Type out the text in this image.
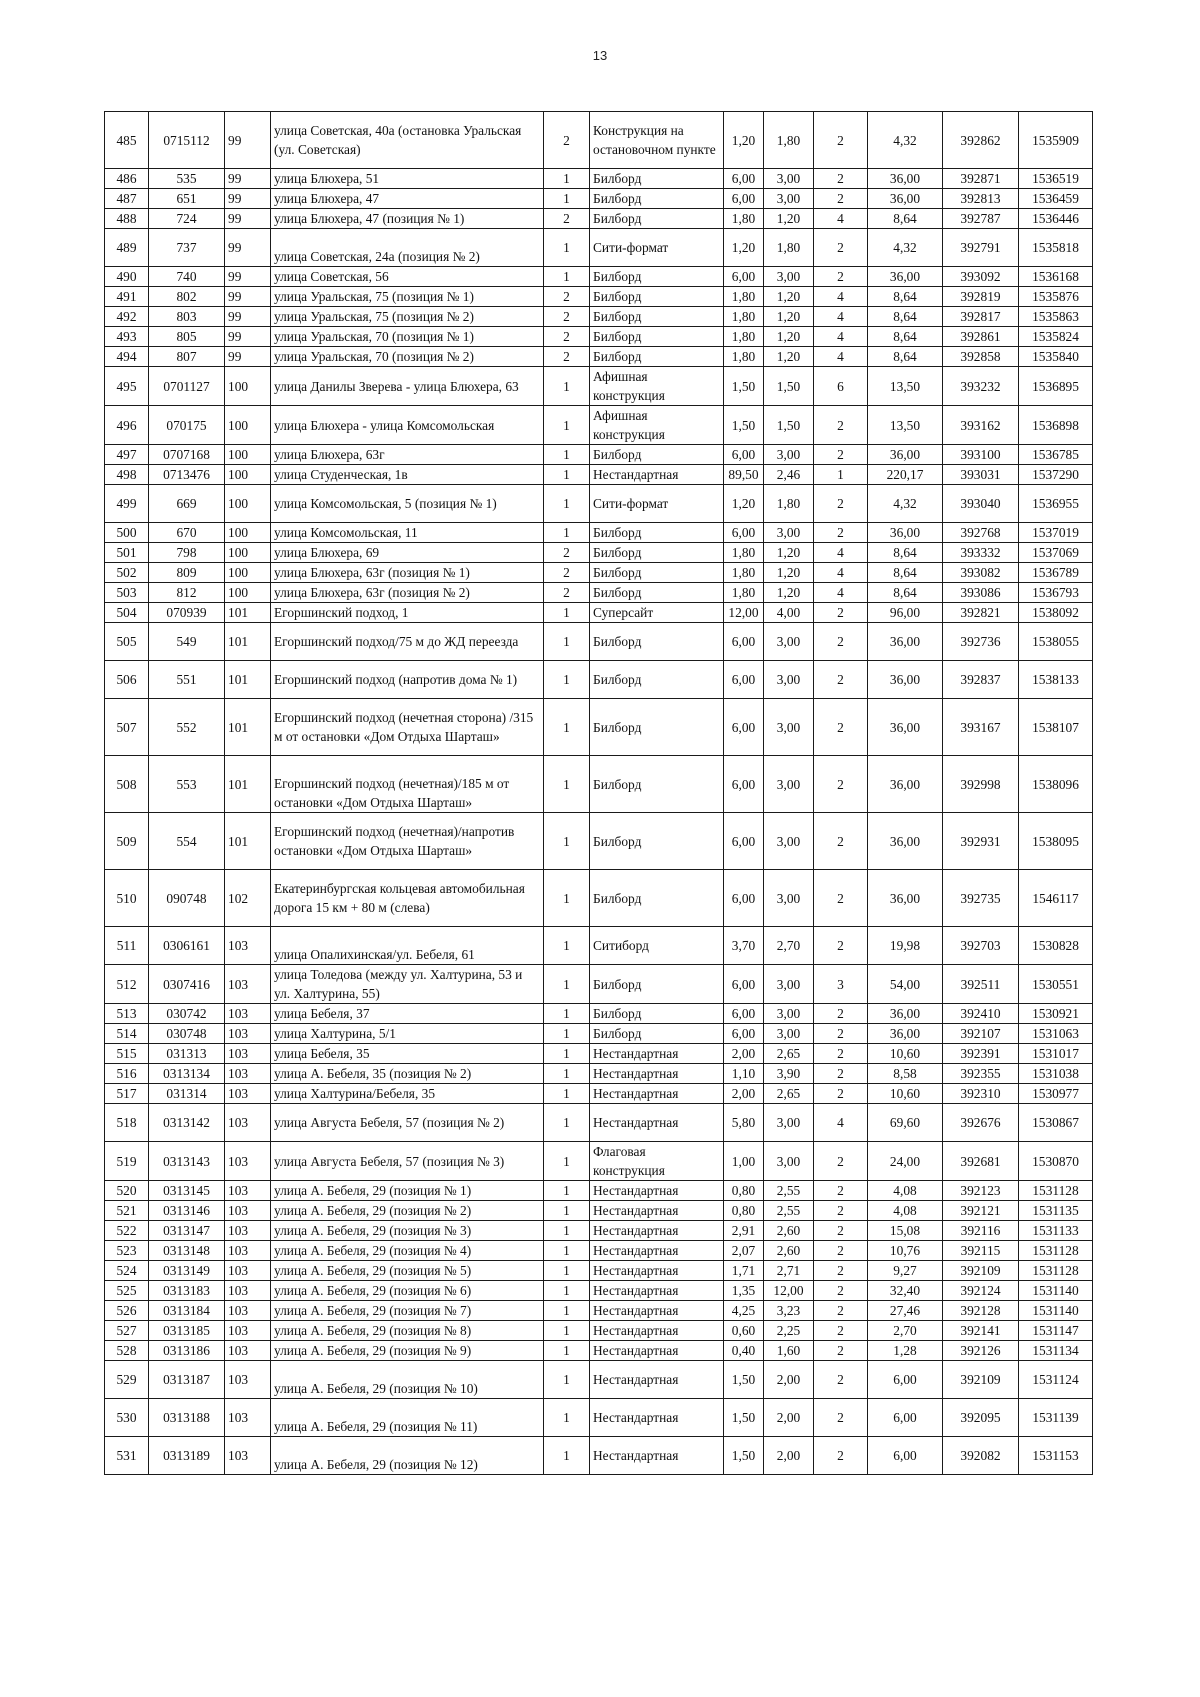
13
485	0715112	99	улица Советская, 40а (остановка Уральская (ул. Советская)	2	Конструкция на остановочном пункте	1,20	1,80	2	4,32	392862	1535909
486	535	99	улица Блюхера, 51	1	Билборд	6,00	3,00	2	36,00	392871	1536519
487	651	99	улица Блюхера, 47	1	Билборд	6,00	3,00	2	36,00	392813	1536459
488	724	99	улица Блюхера, 47 (позиция № 1)	2	Билборд	1,80	1,20	4	8,64	392787	1536446
489	737	99	улица Советская, 24а (позиция № 2)	1	Сити-формат	1,20	1,80	2	4,32	392791	1535818
490	740	99	улица Советская, 56	1	Билборд	6,00	3,00	2	36,00	393092	1536168
491	802	99	улица Уральская, 75 (позиция № 1)	2	Билборд	1,80	1,20	4	8,64	392819	1535876
492	803	99	улица Уральская, 75 (позиция № 2)	2	Билборд	1,80	1,20	4	8,64	392817	1535863
493	805	99	улица Уральская, 70 (позиция № 1)	2	Билборд	1,80	1,20	4	8,64	392861	1535824
494	807	99	улица Уральская, 70 (позиция № 2)	2	Билборд	1,80	1,20	4	8,64	392858	1535840
495	0701127	100	улица Данилы Зверева - улица Блюхера, 63	1	Афишная конструкция	1,50	1,50	6	13,50	393232	1536895
496	070175	100	улица Блюхера - улица Комсомольская	1	Афишная конструкция	1,50	1,50	2	13,50	393162	1536898
497	0707168	100	улица Блюхера, 63г	1	Билборд	6,00	3,00	2	36,00	393100	1536785
498	0713476	100	улица Студенческая, 1в	1	Нестандартная	89,50	2,46	1	220,17	393031	1537290
499	669	100	улица Комсомольская, 5 (позиция № 1)	1	Сити-формат	1,20	1,80	2	4,32	393040	1536955
500	670	100	улица Комсомольская, 11	1	Билборд	6,00	3,00	2	36,00	392768	1537019
501	798	100	улица Блюхера, 69	2	Билборд	1,80	1,20	4	8,64	393332	1537069
502	809	100	улица Блюхера, 63г (позиция № 1)	2	Билборд	1,80	1,20	4	8,64	393082	1536789
503	812	100	улица Блюхера, 63г (позиция № 2)	2	Билборд	1,80	1,20	4	8,64	393086	1536793
504	070939	101	Егоршинский подход, 1	1	Суперсайт	12,00	4,00	2	96,00	392821	1538092
505	549	101	Егоршинский подход/75 м до ЖД переезда	1	Билборд	6,00	3,00	2	36,00	392736	1538055
506	551	101	Егоршинский подход (напротив дома № 1)	1	Билборд	6,00	3,00	2	36,00	392837	1538133
507	552	101	Егоршинский подход (нечетная сторона) /315 м от остановки «Дом Отдыха Шарташ»	1	Билборд	6,00	3,00	2	36,00	393167	1538107
508	553	101	Егоршинский подход (нечетная)/185 м от остановки «Дом Отдыха Шарташ»	1	Билборд	6,00	3,00	2	36,00	392998	1538096
509	554	101	Егоршинский подход (нечетная)/напротив остановки «Дом Отдыха Шарташ»	1	Билборд	6,00	3,00	2	36,00	392931	1538095
510	090748	102	Екатеринбургская кольцевая автомобильная дорога 15 км + 80 м (слева)	1	Билборд	6,00	3,00	2	36,00	392735	1546117
511	0306161	103	улица Опалихинская/ул. Бебеля, 61	1	Ситиборд	3,70	2,70	2	19,98	392703	1530828
512	0307416	103	улица Толедова (между ул. Халтурина, 53 и ул. Халтурина, 55)	1	Билборд	6,00	3,00	3	54,00	392511	1530551
513	030742	103	улица Бебеля, 37	1	Билборд	6,00	3,00	2	36,00	392410	1530921
514	030748	103	улица Халтурина, 5/1	1	Билборд	6,00	3,00	2	36,00	392107	1531063
515	031313	103	улица Бебеля, 35	1	Нестандартная	2,00	2,65	2	10,60	392391	1531017
516	0313134	103	улица А. Бебеля, 35 (позиция № 2)	1	Нестандартная	1,10	3,90	2	8,58	392355	1531038
517	031314	103	улица Халтурина/Бебеля, 35	1	Нестандартная	2,00	2,65	2	10,60	392310	1530977
518	0313142	103	улица Августа Бебеля, 57 (позиция № 2)	1	Нестандартная	5,80	3,00	4	69,60	392676	1530867
519	0313143	103	улица Августа Бебеля, 57 (позиция № 3)	1	Флаговая конструкция	1,00	3,00	2	24,00	392681	1530870
520	0313145	103	улица А. Бебеля, 29 (позиция № 1)	1	Нестандартная	0,80	2,55	2	4,08	392123	1531128
521	0313146	103	улица А. Бебеля, 29 (позиция № 2)	1	Нестандартная	0,80	2,55	2	4,08	392121	1531135
522	0313147	103	улица А. Бебеля, 29 (позиция № 3)	1	Нестандартная	2,91	2,60	2	15,08	392116	1531133
523	0313148	103	улица А. Бебеля, 29 (позиция № 4)	1	Нестандартная	2,07	2,60	2	10,76	392115	1531128
524	0313149	103	улица А. Бебеля, 29 (позиция № 5)	1	Нестандартная	1,71	2,71	2	9,27	392109	1531128
525	0313183	103	улица А. Бебеля, 29 (позиция № 6)	1	Нестандартная	1,35	12,00	2	32,40	392124	1531140
526	0313184	103	улица А. Бебеля, 29 (позиция № 7)	1	Нестандартная	4,25	3,23	2	27,46	392128	1531140
527	0313185	103	улица А. Бебеля, 29 (позиция № 8)	1	Нестандартная	0,60	2,25	2	2,70	392141	1531147
528	0313186	103	улица А. Бебеля, 29 (позиция № 9)	1	Нестандартная	0,40	1,60	2	1,28	392126	1531134
529	0313187	103	улица А. Бебеля, 29 (позиция № 10)	1	Нестандартная	1,50	2,00	2	6,00	392109	1531124
530	0313188	103	улица А. Бебеля, 29 (позиция № 11)	1	Нестандартная	1,50	2,00	2	6,00	392095	1531139
531	0313189	103	улица А. Бебеля, 29 (позиция № 12)	1	Нестандартная	1,50	2,00	2	6,00	392082	1531153
